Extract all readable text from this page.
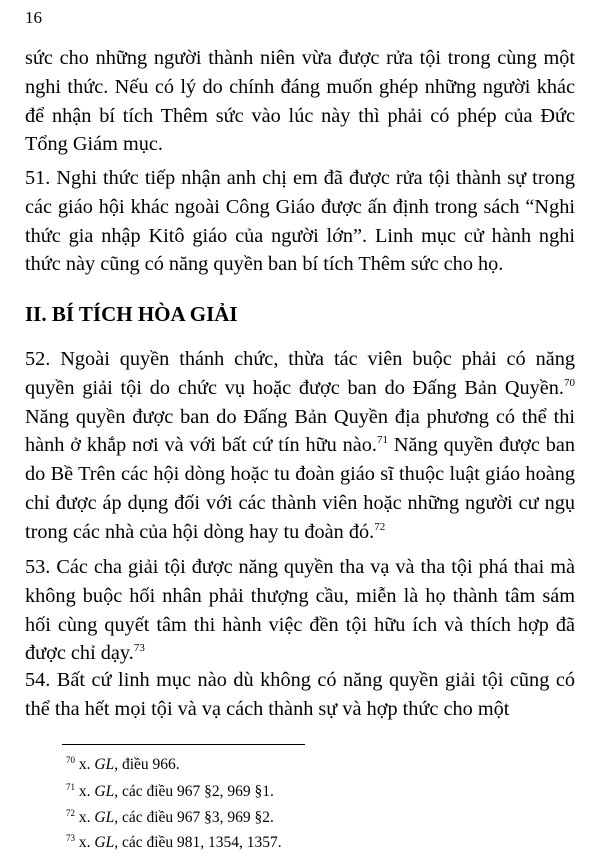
16
sức cho những người thành niên vừa được rửa tội trong cùng một nghi thức. Nếu có lý do chính đáng muốn ghép những người khác để nhận bí tích Thêm sức vào lúc này thì phải có phép của Đức Tổng Giám mục.
51. Nghi thức tiếp nhận anh chị em đã được rửa tội thành sự trong các giáo hội khác ngoài Công Giáo được ấn định trong sách “Nghi thức gia nhập Kitô giáo của người lớn”. Linh mục cử hành nghi thức này cũng có năng quyền ban bí tích Thêm sức cho họ.
II. BÍ TÍCH HÒA GIẢI
52. Ngoài quyền thánh chức, thừa tác viên buộc phải có năng quyền giải tội do chức vụ hoặc được ban do Đấng Bản Quyền.$^{70}$ Năng quyền được ban do Đấng Bản Quyền địa phương có thể thi hành ở khắp nơi và với bất cứ tín hữu nào.$^{71}$ Năng quyền được ban do Bề Trên các hội dòng hoặc tu đoàn giáo sĩ thuộc luật giáo hoàng chỉ được áp dụng đối với các thành viên hoặc những người cư ngụ trong các nhà của hội dòng hay tu đoàn đó.$^{72}$
53. Các cha giải tội được năng quyền tha vạ và tha tội phá thai mà không buộc hối nhân phải thượng cầu, miễn là họ thành tâm sám hối cùng quyết tâm thi hành việc đền tội hữu ích và thích hợp đã được chỉ dạy.$^{73}$
54. Bất cứ linh mục nào dù không có năng quyền giải tội cũng có thể tha hết mọi tội và vạ cách thành sự và hợp thức cho một
$^{70}$ x. GL, điều 966.
$^{71}$ x. GL, các điều 967 §2, 969 §1.
$^{72}$ x. GL, các điều 967 §3, 969 §2.
$^{73}$ x. GL, các điều 981, 1354, 1357.
